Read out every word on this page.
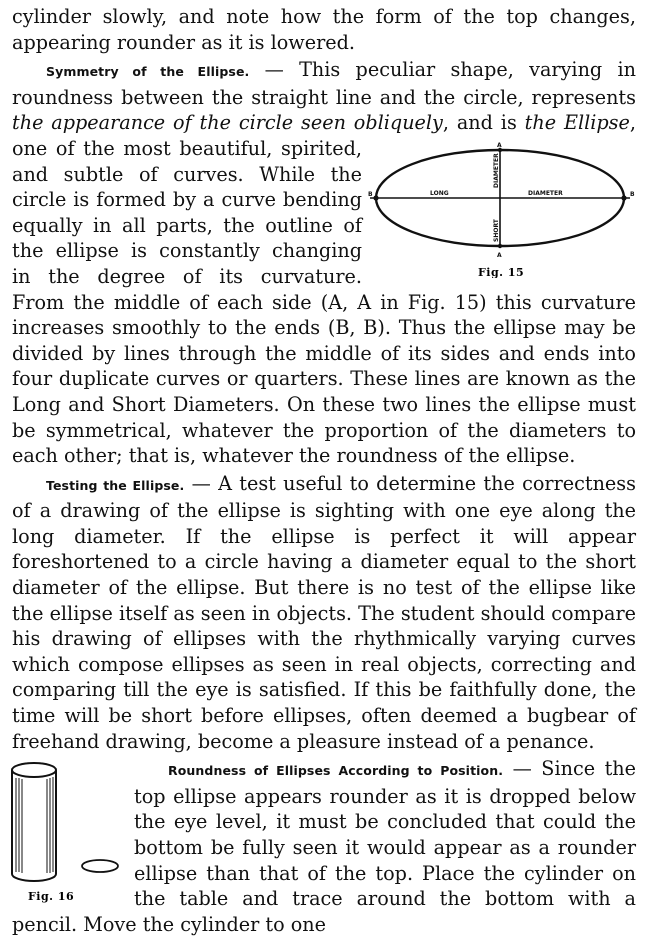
cylinder slowly, and note how the form of the top changes, appearing rounder as it is lowered.

Symmetry of the Ellipse. — This peculiar shape, varying in roundness between the straight line and the circle, represents the appearance of the circle seen obliquely, and is the Ellipse
A
A
B	B
LONG	DIAMETER
SHORT
DIAMETER
Fig. 15
, one of the most beautiful, spirited, and subtle of curves. While the circle is formed by a curve bending equally in all parts, the outline of the ellipse is constantly changing in the degree of its curvature. From the middle of each side (A, A in Fig. 15) this curvature increases smoothly to the ends (B, B). Thus the ellipse may be divided by lines through the middle of its sides and ends into four duplicate curves or quarters. These lines are known as the Long and Short Diameters. On these two lines the ellipse must be symmetrical, whatever the proportion of the diameters to each other; that is, whatever the roundness of the ellipse.

Testing the Ellipse. — A test useful to determine the correctness of a drawing of the ellipse is sighting with one eye along the long diameter. If the ellipse is perfect it will appear foreshortened to a circle having a diameter equal to the short diameter of the ellipse. But there is no test of the ellipse like the ellipse itself as seen in objects. The student should compare his drawing of ellipses with the rhythmically varying curves which compose ellipses as seen in real objects, correcting and comparing till the eye is satisfied. If this be faithfully done, the time will be short before ellipses, often deemed a bugbear of freehand drawing, become a pleasure instead of a penance.

Fig. 16

Roundness of Ellipses According to Position. — Since the top ellipse appears rounder as it is dropped below the eye level, it must be concluded that could the bottom be fully seen it would appear as a rounder ellipse than that of the top. Place the cylinder on the table and trace around the bottom with a pencil. Move the cylinder to one
